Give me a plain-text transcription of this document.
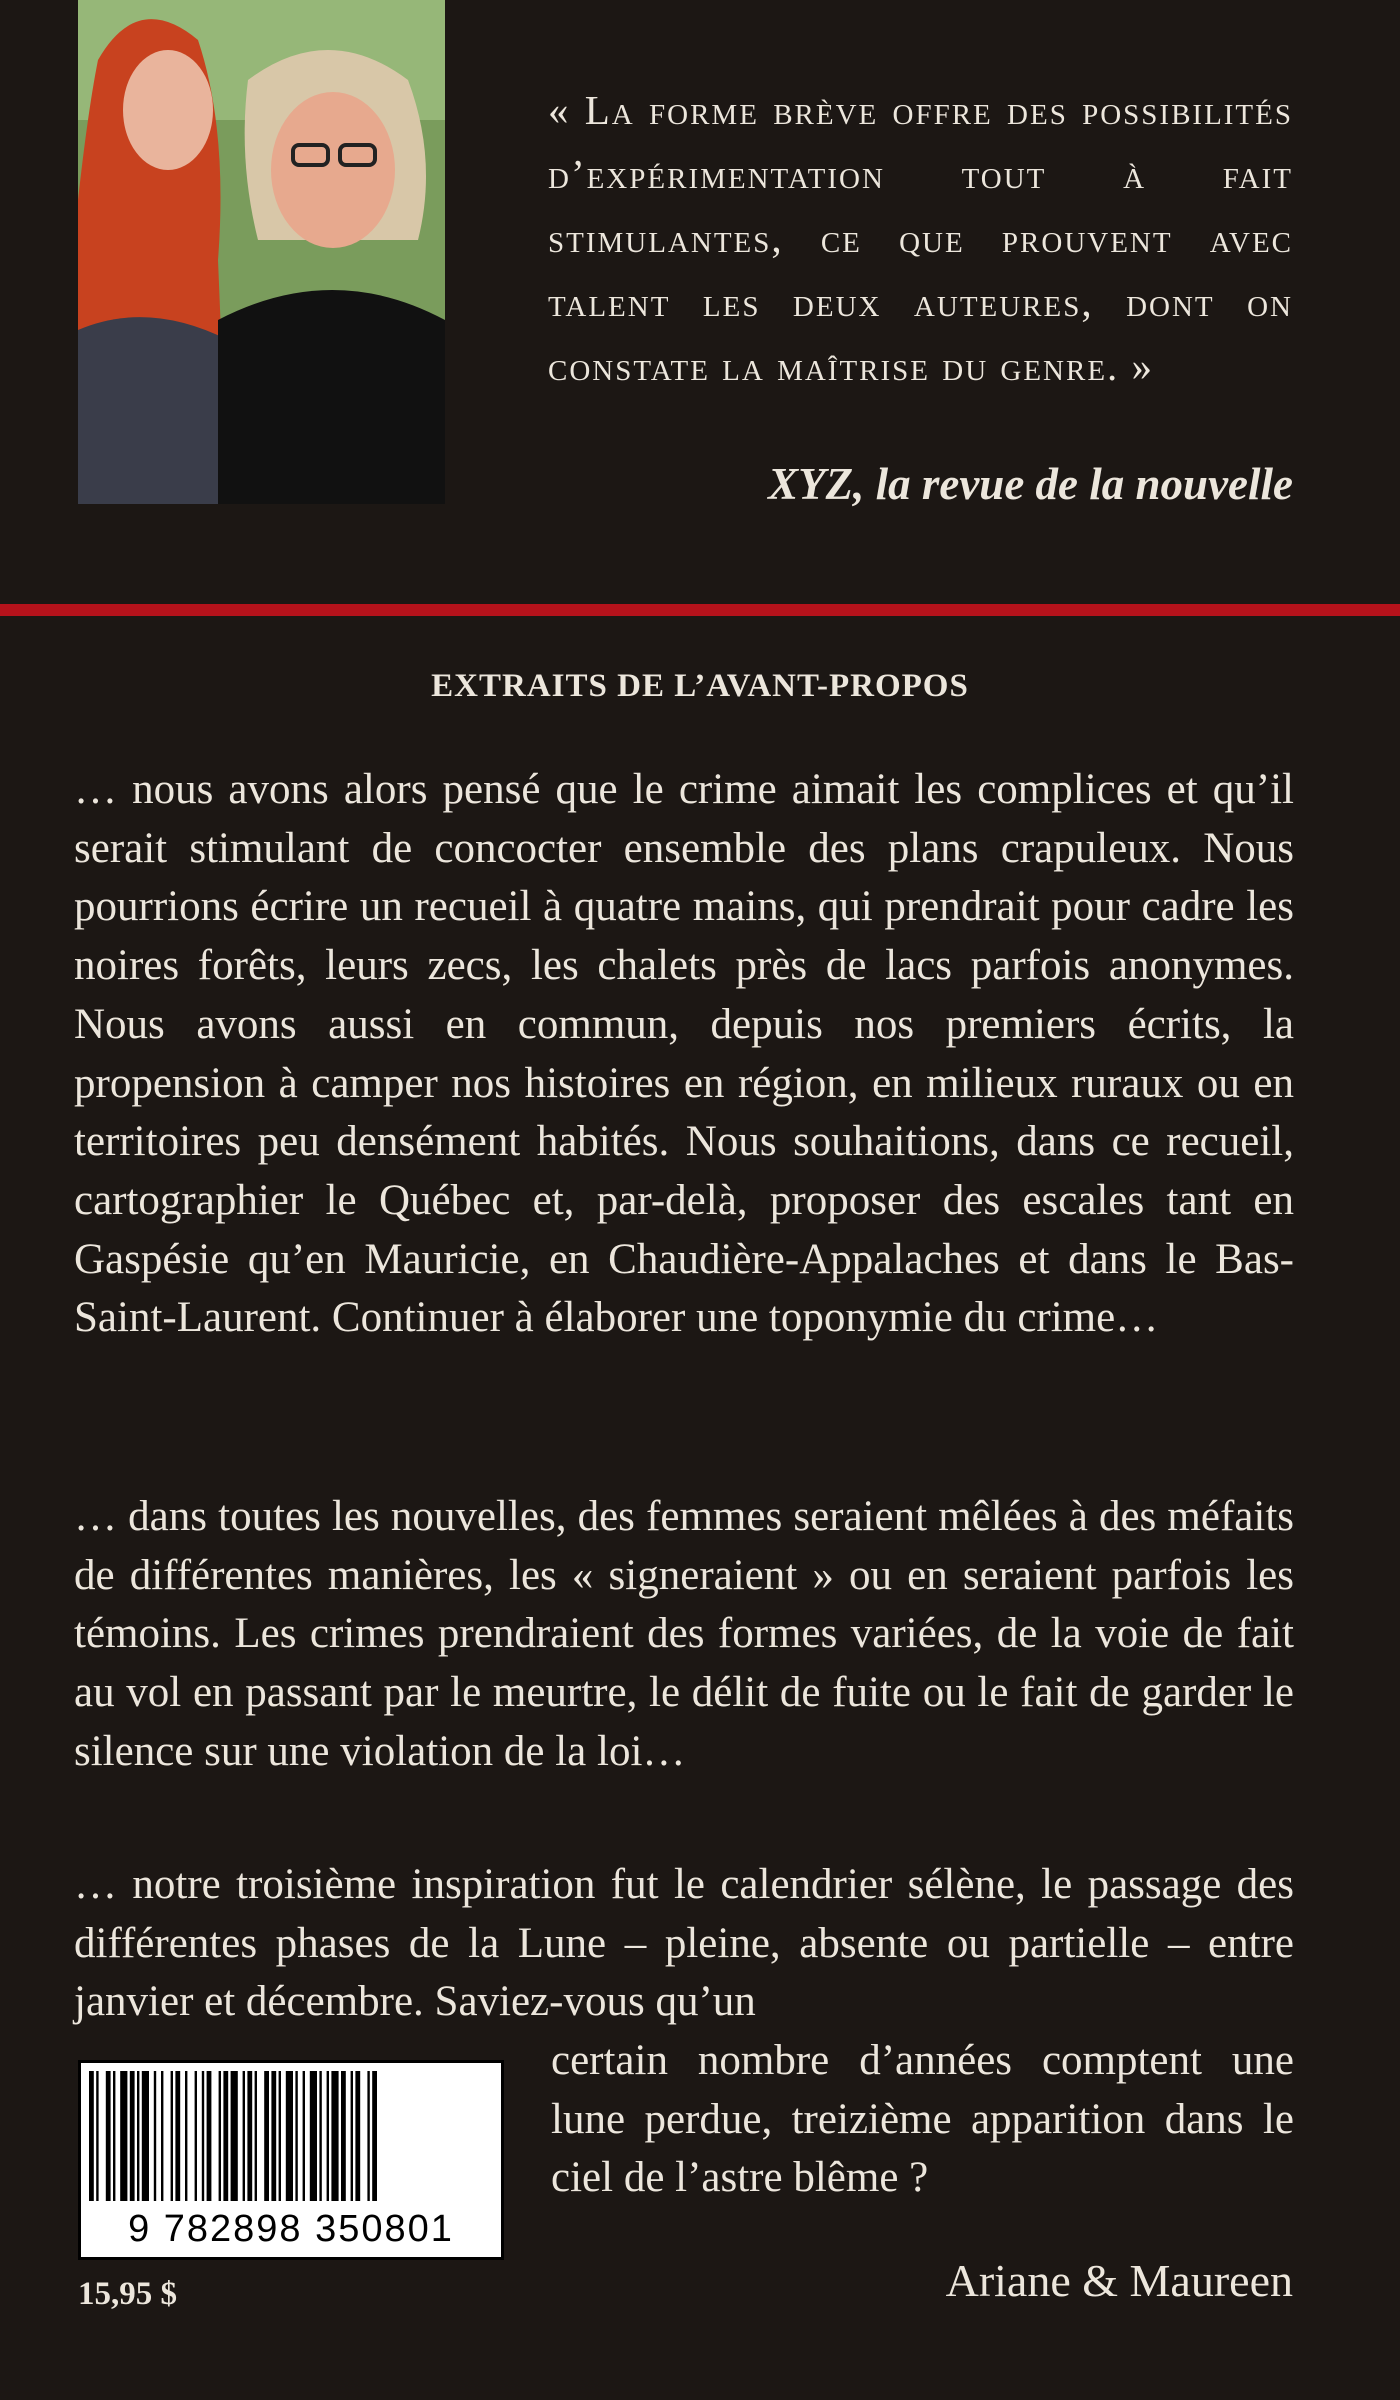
« La forme brève offre des possibilités d’expérimentation tout à fait stimulantes, ce que prouvent avec talent les deux auteures, dont on constate la maîtrise du genre. »

XYZ, la revue de la nouvelle

EXTRAITS DE L’AVANT-PROPOS

… nous avons alors pensé que le crime aimait les complices et qu’il serait stimulant de concocter ensemble des plans crapuleux. Nous pourrions écrire un recueil à quatre mains, qui prendrait pour cadre les noires forêts, leurs zecs, les chalets près de lacs parfois anonymes. Nous avons aussi en commun, depuis nos premiers écrits, la propension à camper nos histoires en région, en milieux ruraux ou en territoires peu densément habités. Nous souhaitions, dans ce recueil, cartographier le Québec et, par-delà, proposer des escales tant en Gaspésie qu’en Mauricie, en Chaudière-Appalaches et dans le Bas-Saint-Laurent. Continuer à élaborer une toponymie du crime…

… dans toutes les nouvelles, des femmes seraient mêlées à des méfaits de différentes manières, les « signeraient » ou en seraient parfois les témoins. Les crimes prendraient des formes variées, de la voie de fait au vol en passant par le meurtre, le délit de fuite ou le fait de garder le silence sur une violation de la loi…

… notre troisième inspiration fut le calendrier sélène, le passage des différentes phases de la Lune – pleine, absente ou partielle – entre janvier et décembre. Saviez-vous qu’un

certain nombre d’années comptent une lune perdue, treizième apparition dans le ciel de l’astre blême ?

9 782898 350801

15,95 $	Ariane & Maureen
